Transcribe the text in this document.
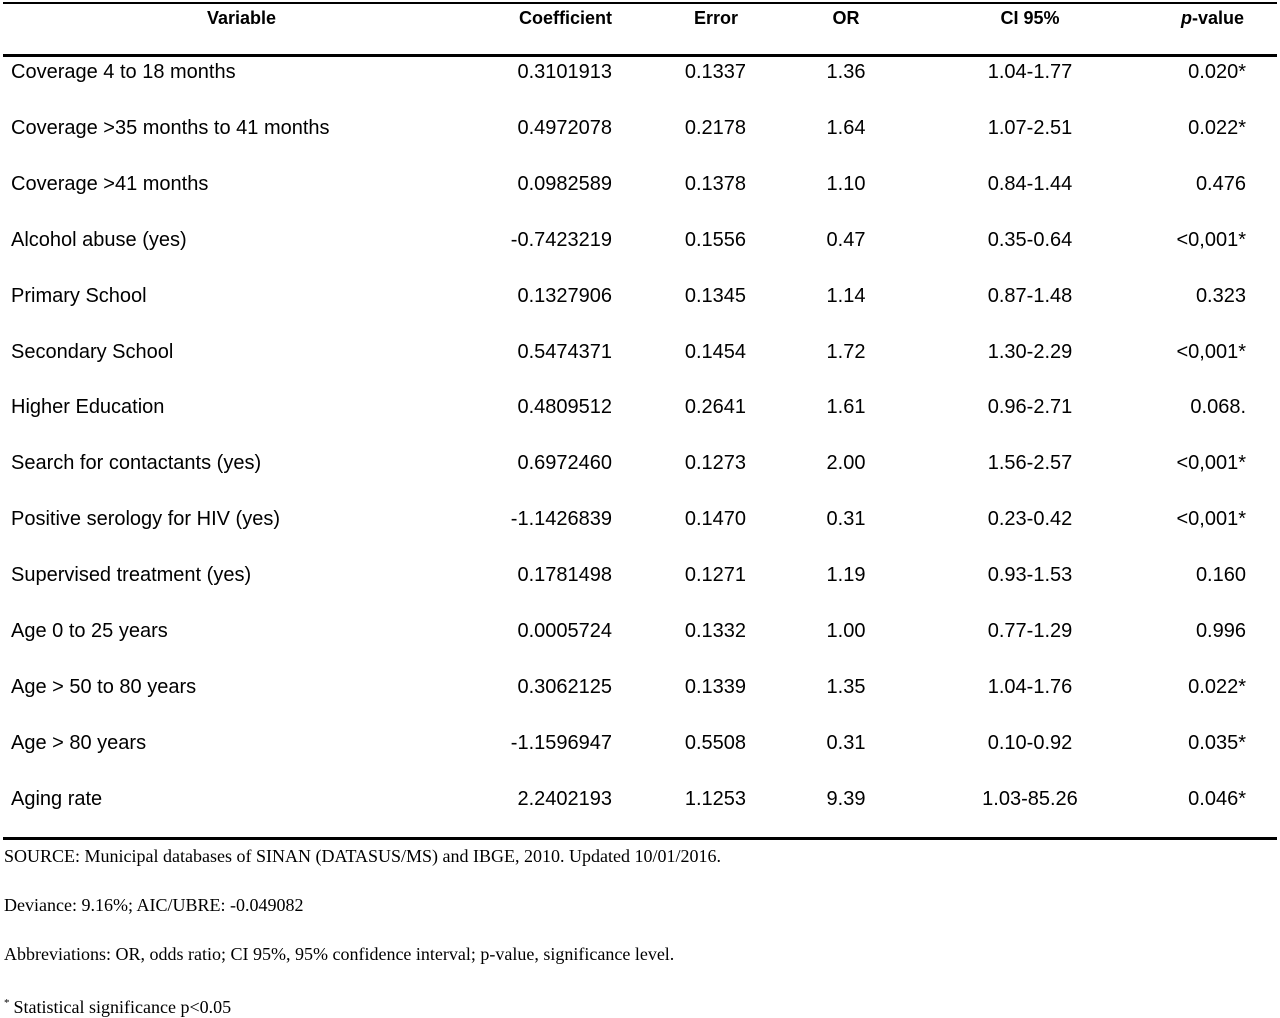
Variable	Coefficient	Error	OR	CI 95%	p-value
Coverage 4 to 18 months	0.3101913	0.1337	1.36	1.04-1.77	0.020*
Coverage >35 months to 41 months	0.4972078	0.2178	1.64	1.07-2.51	0.022*
Coverage >41 months	0.0982589	0.1378	1.10	0.84-1.44	0.476
Alcohol abuse (yes)	-0.7423219	0.1556	0.47	0.35-0.64	<0,001*
Primary School	0.1327906	0.1345	1.14	0.87-1.48	0.323
Secondary School	0.5474371	0.1454	1.72	1.30-2.29	<0,001*
Higher Education	0.4809512	0.2641	1.61	0.96-2.71	0.068.
Search for contactants (yes)	0.6972460	0.1273	2.00	1.56-2.57	<0,001*
Positive serology for HIV (yes)	-1.1426839	0.1470	0.31	0.23-0.42	<0,001*
Supervised treatment (yes)	0.1781498	0.1271	1.19	0.93-1.53	0.160
Age 0 to 25 years	0.0005724	0.1332	1.00	0.77-1.29	0.996
Age > 50 to 80 years	0.3062125	0.1339	1.35	1.04-1.76	0.022*
Age > 80 years	-1.1596947	0.5508	0.31	0.10-0.92	0.035*
Aging rate	2.2402193	1.1253	9.39	1.03-85.26	0.046*
SOURCE: Municipal databases of SINAN (DATASUS/MS) and IBGE, 2010. Updated 10/01/2016.
Deviance: 9.16%; AIC/UBRE: -0.049082
Abbreviations: OR, odds ratio; CI 95%, 95% confidence interval; p-value, significance level.
* Statistical significance p<0.05
